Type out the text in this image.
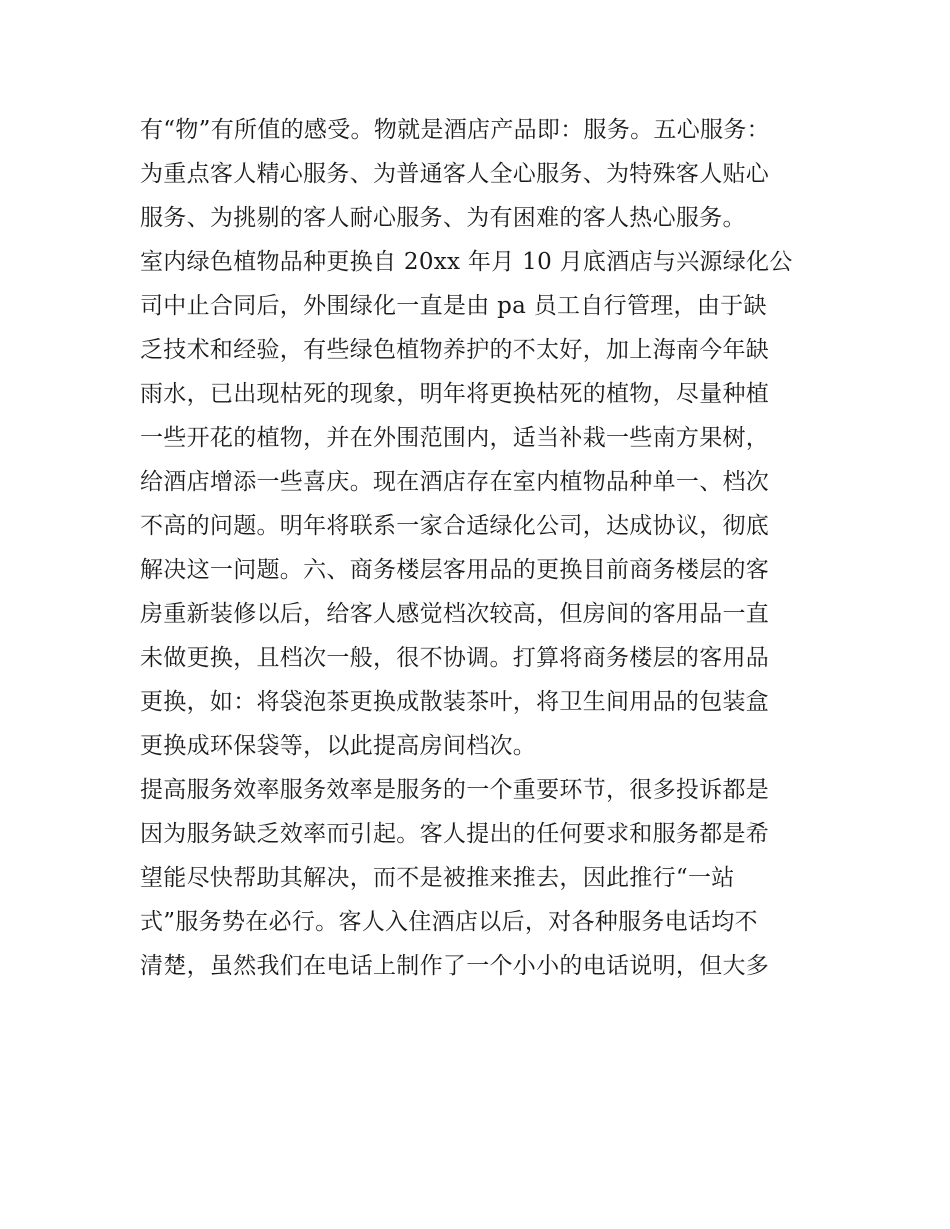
有“物”有所值的感受。物就是酒店产品即：服务。五心服务：
为重点客人精心服务、为普通客人全心服务、为特殊客人贴心
服务、为挑剔的客人耐心服务、为有困难的客人热心服务。
室内绿色植物品种更换自 20xx 年月 10 月底酒店与兴源绿化公
司中止合同后，外围绿化一直是由 pa 员工自行管理，由于缺
乏技术和经验，有些绿色植物养护的不太好，加上海南今年缺
雨水，已出现枯死的现象，明年将更换枯死的植物，尽量种植
一些开花的植物，并在外围范围内，适当补栽一些南方果树，
给酒店增添一些喜庆。现在酒店存在室内植物品种单一、档次
不高的问题。明年将联系一家合适绿化公司，达成协议，彻底
解决这一问题。六、商务楼层客用品的更换目前商务楼层的客
房重新装修以后，给客人感觉档次较高，但房间的客用品一直
未做更换，且档次一般，很不协调。打算将商务楼层的客用品
更换，如：将袋泡茶更换成散装茶叶，将卫生间用品的包装盒
更换成环保袋等，以此提高房间档次。
提高服务效率服务效率是服务的一个重要环节，很多投诉都是
因为服务缺乏效率而引起。客人提出的任何要求和服务都是希
望能尽快帮助其解决，而不是被推来推去，因此推行“一站
式”服务势在必行。客人入住酒店以后，对各种服务电话均不
清楚，虽然我们在电话上制作了一个小小的电话说明，但大多
